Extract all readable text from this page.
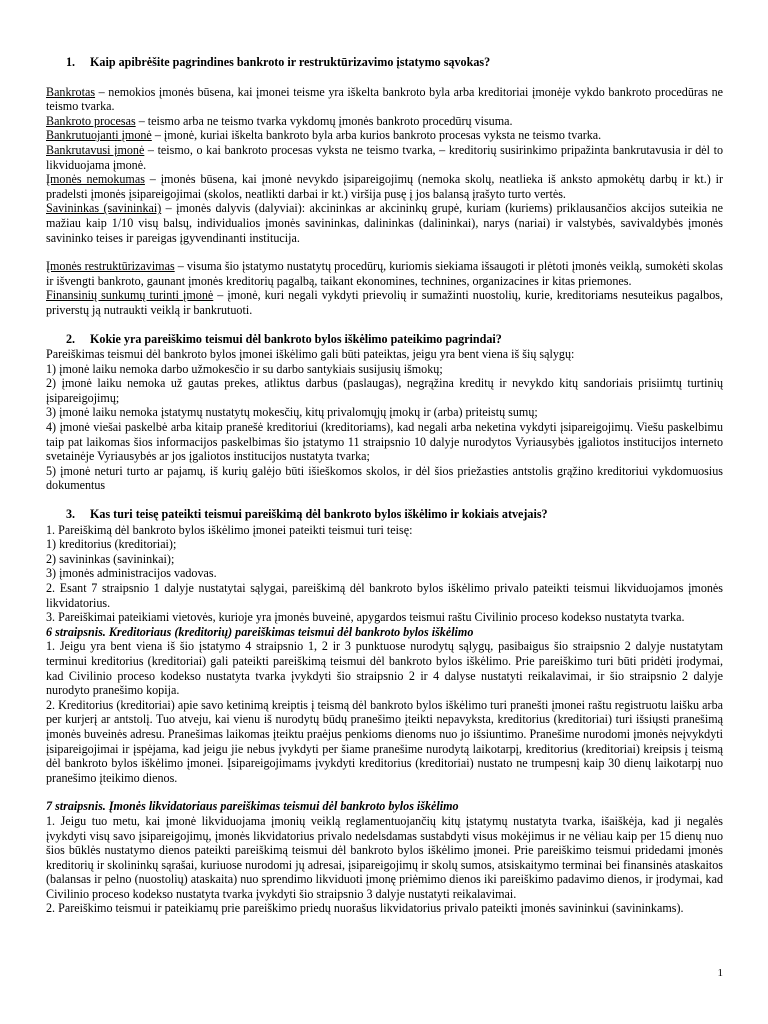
1. Kaip apibrėšite pagrindines bankroto ir restruktūrizavimo įstatymo sąvokas?

Bankrotas – nemokios įmonės būsena, kai įmonei teisme yra iškelta bankroto byla arba kreditoriai įmonėje vykdo bankroto procedūras ne teismo tvarka.

Bankroto procesas – teismo arba ne teismo tvarka vykdomų įmonės bankroto procedūrų visuma.

Bankrutuojanti įmonė – įmonė, kuriai iškelta bankroto byla arba kurios bankroto procesas vyksta ne teismo tvarka.

Bankrutavusi įmonė – teismo, o kai bankroto procesas vyksta ne teismo tvarka, – kreditorių susirinkimo pripažinta bankrutavusia ir dėl to likviduojama įmonė.

Įmonės nemokumas – įmonės būsena, kai įmonė nevykdo įsipareigojimų (nemoka skolų, neatlieka iš anksto apmokėtų darbų ir kt.) ir pradelsti įmonės įsipareigojimai (skolos, neatlikti darbai ir kt.) viršija pusę į jos balansą įrašyto turto vertės.

Savininkas (savininkai) – įmonės dalyvis (dalyviai): akcininkas ar akcininkų grupė, kuriam (kuriems) priklausančios akcijos suteikia ne mažiau kaip 1/10 visų balsų, individualios įmonės savininkas, dalininkas (dalininkai), narys (nariai) ir valstybės, savivaldybės įmonės savininko teises ir pareigas įgyvendinanti institucija.

Įmonės restruktūrizavimas – visuma šio įstatymo nustatytų procedūrų, kuriomis siekiama išsaugoti ir plėtoti įmonės veiklą, sumokėti skolas ir išvengti bankroto, gaunant įmonės kreditorių pagalbą, taikant ekonomines, technines, organizacines ir kitas priemones.

Finansinių sunkumų turinti įmonė – įmonė, kuri negali vykdyti prievolių ir sumažinti nuostolių, kurie, kreditoriams nesuteikus pagalbos, priverstų ją nutraukti veiklą ir bankrutuoti.

2. Kokie yra pareiškimo teismui dėl bankroto bylos iškėlimo pateikimo pagrindai?

Pareiškimas teismui dėl bankroto bylos įmonei iškėlimo gali būti pateiktas, jeigu yra bent viena iš šių sąlygų:

1) įmonė laiku nemoka darbo užmokesčio ir su darbo santykiais susijusių išmokų;

2) įmonė laiku nemoka už gautas prekes, atliktus darbus (paslaugas), negrąžina kreditų ir nevykdo kitų sandoriais prisiimtų turtinių įsipareigojimų;

3) įmonė laiku nemoka įstatymų nustatytų mokesčių, kitų privalomųjų įmokų ir (arba) priteistų sumų;

4) įmonė viešai paskelbė arba kitaip pranešė kreditoriui (kreditoriams), kad negali arba neketina vykdyti įsipareigojimų. Viešu paskelbimu taip pat laikomas šios informacijos paskelbimas šio įstatymo 11 straipsnio 10 dalyje nurodytos Vyriausybės įgaliotos institucijos interneto svetainėje Vyriausybės ar jos įgaliotos institucijos nustatyta tvarka;

5) įmonė neturi turto ar pajamų, iš kurių galėjo būti išieškomos skolos, ir dėl šios priežasties antstolis grąžino kreditoriui vykdomuosius dokumentus

3. Kas turi teisę pateikti teismui pareiškimą dėl bankroto bylos iškėlimo ir kokiais atvejais?

1. Pareiškimą dėl bankroto bylos iškėlimo įmonei pateikti teismui turi teisę:

1) kreditorius (kreditoriai);

2) savininkas (savininkai);

3) įmonės administracijos vadovas.

2. Esant 7 straipsnio 1 dalyje nustatytai sąlygai, pareiškimą dėl bankroto bylos iškėlimo privalo pateikti teismui likviduojamos įmonės likvidatorius.

3. Pareiškimai pateikiami vietovės, kurioje yra įmonės buveinė, apygardos teismui raštu Civilinio proceso kodekso nustatyta tvarka.

6 straipsnis. Kreditoriaus (kreditorių) pareiškimas teismui dėl bankroto bylos iškėlimo

1. Jeigu yra bent viena iš šio įstatymo 4 straipsnio 1, 2 ir 3 punktuose nurodytų sąlygų, pasibaigus šio straipsnio 2 dalyje nustatytam terminui kreditorius (kreditoriai) gali pateikti pareiškimą teismui dėl bankroto bylos iškėlimo. Prie pareiškimo turi būti pridėti įrodymai, kad Civilinio proceso kodekso nustatyta tvarka įvykdyti šio straipsnio 2 ir 4 dalyse nustatyti reikalavimai, ir šio straipsnio 2 dalyje nurodyto pranešimo kopija.

2. Kreditorius (kreditoriai) apie savo ketinimą kreiptis į teismą dėl bankroto bylos iškėlimo turi pranešti įmonei raštu registruotu laišku arba per kurjerį ar antstolį. Tuo atveju, kai vienu iš nurodytų būdų pranešimo įteikti nepavyksta, kreditorius (kreditoriai) turi išsiųsti pranešimą įmonės buveinės adresu. Pranešimas laikomas įteiktu praėjus penkioms dienoms nuo jo išsiuntimo. Pranešime nurodomi įmonės neįvykdyti įsipareigojimai ir įspėjama, kad jeigu jie nebus įvykdyti per šiame pranešime nurodytą laikotarpį, kreditorius (kreditoriai) kreipsis į teismą dėl bankroto bylos iškėlimo įmonei. Įsipareigojimams įvykdyti kreditorius (kreditoriai) nustato ne trumpesnį kaip 30 dienų laikotarpį nuo pranešimo įteikimo dienos.

7 straipsnis. Įmonės likvidatoriaus pareiškimas teismui dėl bankroto bylos iškėlimo

1. Jeigu tuo metu, kai įmonė likviduojama įmonių veiklą reglamentuojančių kitų įstatymų nustatyta tvarka, išaiškėja, kad ji negalės įvykdyti visų savo įsipareigojimų, įmonės likvidatorius privalo nedelsdamas sustabdyti visus mokėjimus ir ne vėliau kaip per 15 dienų nuo šios būklės nustatymo dienos pateikti pareiškimą teismui dėl bankroto bylos iškėlimo įmonei. Prie pareiškimo teismui pridedami įmonės kreditorių ir skolininkų sąrašai, kuriuose nurodomi jų adresai, įsipareigojimų ir skolų sumos, atsiskaitymo terminai bei finansinės ataskaitos (balansas ir pelno (nuostolių) ataskaita) nuo sprendimo likviduoti įmonę priėmimo dienos iki pareiškimo padavimo dienos, ir įrodymai, kad Civilinio proceso kodekso nustatyta tvarka įvykdyti šio straipsnio 3 dalyje nustatyti reikalavimai.

2. Pareiškimo teismui ir pateikiamų prie pareiškimo priedų nuorašus likvidatorius privalo pateikti įmonės savininkui (savininkams).

1
